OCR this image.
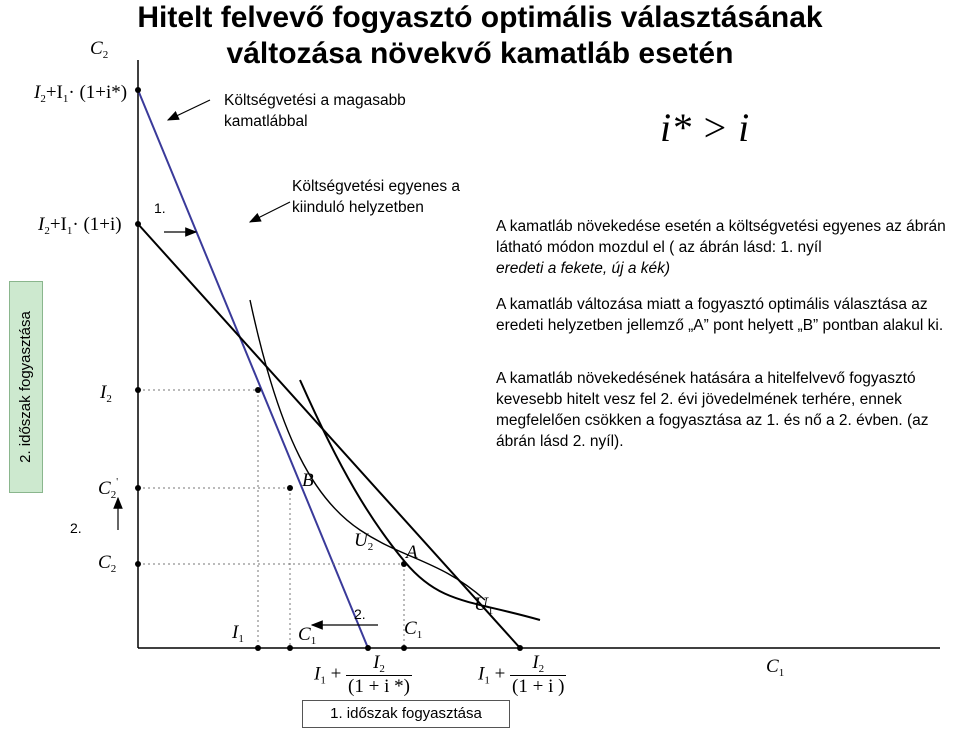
Hitelt felvevő fogyasztó optimális választásának
változása növekvő kamatláb esetén
Költségvetési a magasabb kamatlábbal
Költségvetési egyenes a kiinduló helyzetben
i* > i
A kamatláb növekedése esetén a költségvetési egyenes az ábrán látható módon mozdul el ( az ábrán lásd: 1. nyíl
eredeti a fekete, új a kék)
A kamatláb változása miatt a fogyasztó optimális választása az eredeti helyzetben jellemző „A” pont helyett „B” pontban alakul ki.
A kamatláb növekedésének hatására a hitelfelvevő fogyasztó kevesebb hitelt vesz fel 2. évi jövedelmének terhére, ennek megfelelően csökken a fogyasztása az 1. és nő a 2. évben. (az ábrán lásd 2. nyíl).
2. időszak fogyasztása
1. időszak fogyasztása
1.
2.
2.
$C_2$
$I_2+I_1\cdot (1+i*)$
$I_2+I_1\cdot (1+i)$
$I_2$
$C_2'$
$C_2$
B
A
$U_2$
$U_1$
$I_1$	$C_1'$	$C_1$
$C_1$
$I_1 + \frac{I_2}{(1 + i *)}$	$I_1 + \frac{I_2}{(1 + i )}$
